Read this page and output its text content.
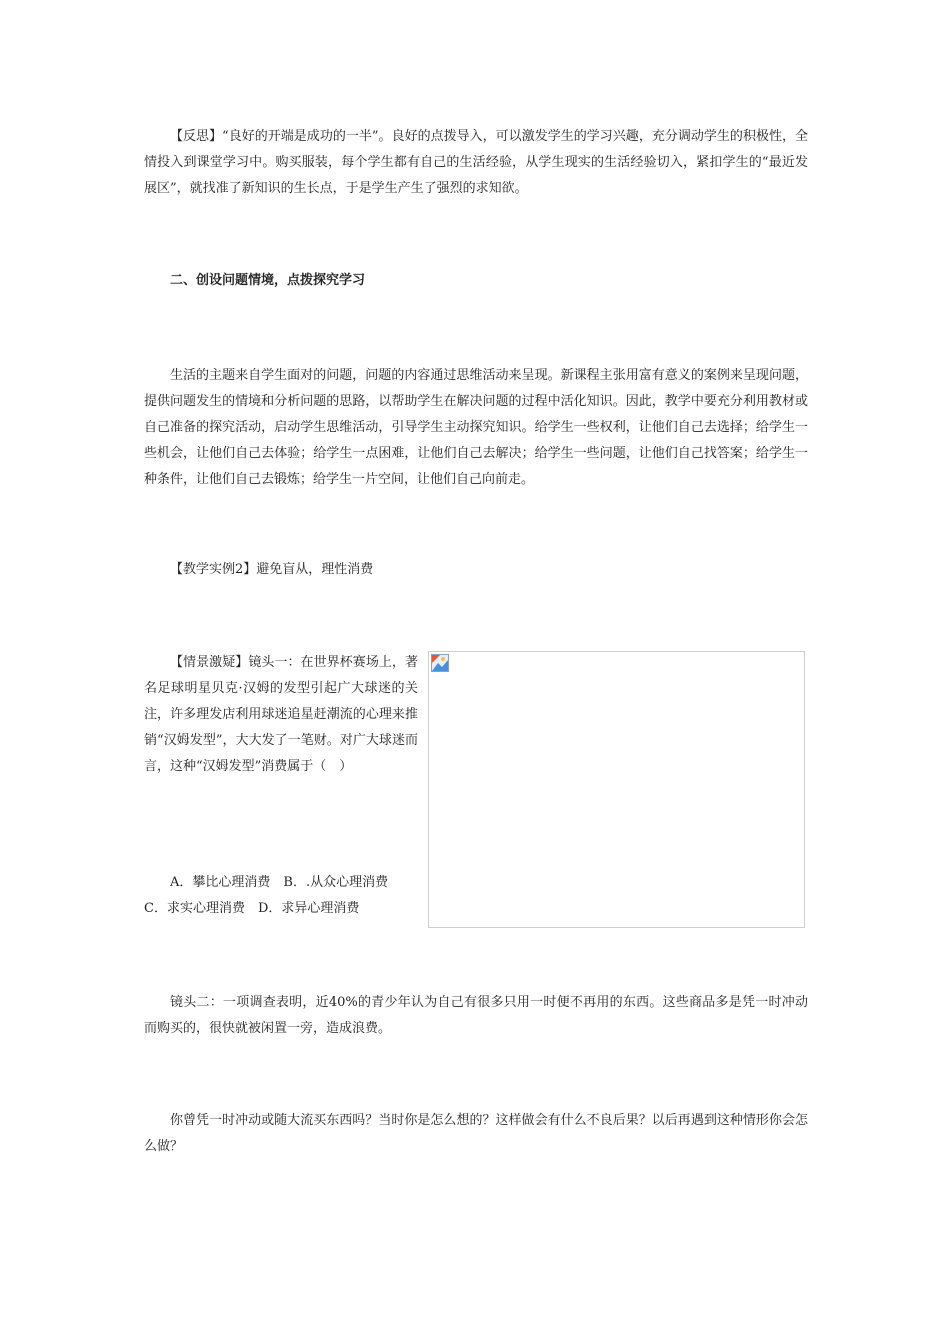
【反思】“良好的开端是成功的一半”。良好的点拨导入，可以激发学生的学习兴趣，充分调动学生的积极性，全情投入到课堂学习中。购买服装，每个学生都有自己的生活经验，从学生现实的生活经验切入，紧扣学生的“最近发展区”，就找准了新知识的生长点，于是学生产生了强烈的求知欲。

二、创设问题情境，点拨探究学习

生活的主题来自学生面对的问题，问题的内容通过思维活动来呈现。新课程主张用富有意义的案例来呈现问题，提供问题发生的情境和分析问题的思路，以帮助学生在解决问题的过程中活化知识。因此，教学中要充分利用教材或自己准备的探究活动，启动学生思维活动，引导学生主动探究知识。给学生一些权利，让他们自己去选择；给学生一些机会，让他们自己去体验；给学生一点困难，让他们自己去解决；给学生一些问题，让他们自己找答案；给学生一种条件，让他们自己去锻炼；给学生一片空间，让他们自己向前走。

【教学实例2】避免盲从，理性消费

【情景激疑】镜头一：在世界杯赛场上，著名足球明星贝克·汉姆的发型引起广大球迷的关注，许多理发店利用球迷追星赶潮流的心理来推销“汉姆发型”，大大发了一笔财。对广大球迷而言，这种“汉姆发型”消费属于（　）

A．攀比心理消费　B．.从众心理消费
C．求实心理消费　D．求异心理消费

镜头二：一项调查表明，近40%的青少年认为自己有很多只用一时便不再用的东西。这些商品多是凭一时冲动而购买的，很快就被闲置一旁，造成浪费。

你曾凭一时冲动或随大流买东西吗？当时你是怎么想的？这样做会有什么不良后果？以后再遇到这种情形你会怎么做？
